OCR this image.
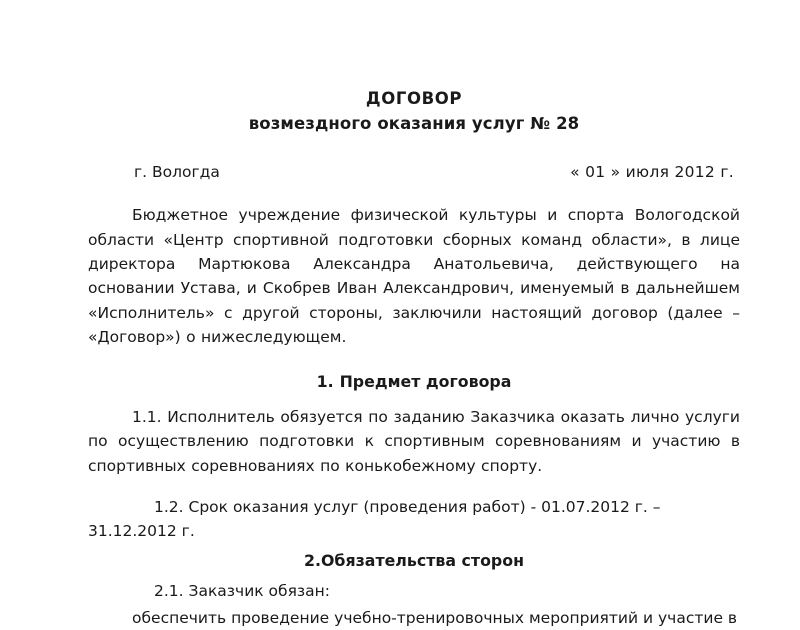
ДОГОВОР
возмездного оказания услуг № 28
г. Вологда	« 01 » июля 2012 г.
Бюджетное учреждение физической культуры и спорта Вологодской области «Центр спортивной подготовки сборных команд области», в лице директора Мартюкова Александра Анатольевича, действующего на основании Устава, и Скобрев Иван Александрович, именуемый в дальнейшем «Исполнитель» с другой стороны, заключили настоящий договор (далее – «Договор») о нижеследующем.
1. Предмет договора
1.1. Исполнитель обязуется по заданию Заказчика оказать лично услуги по осуществлению подготовки к спортивным соревнованиям и участию в спортивных соревнованиях по конькобежному спорту.
1.2. Срок оказания услуг (проведения работ) - 01.07.2012 г. – 31.12.2012 г.
2.Обязательства сторон
2.1. Заказчик обязан:
обеспечить проведение учебно-тренировочных мероприятий и участие в
